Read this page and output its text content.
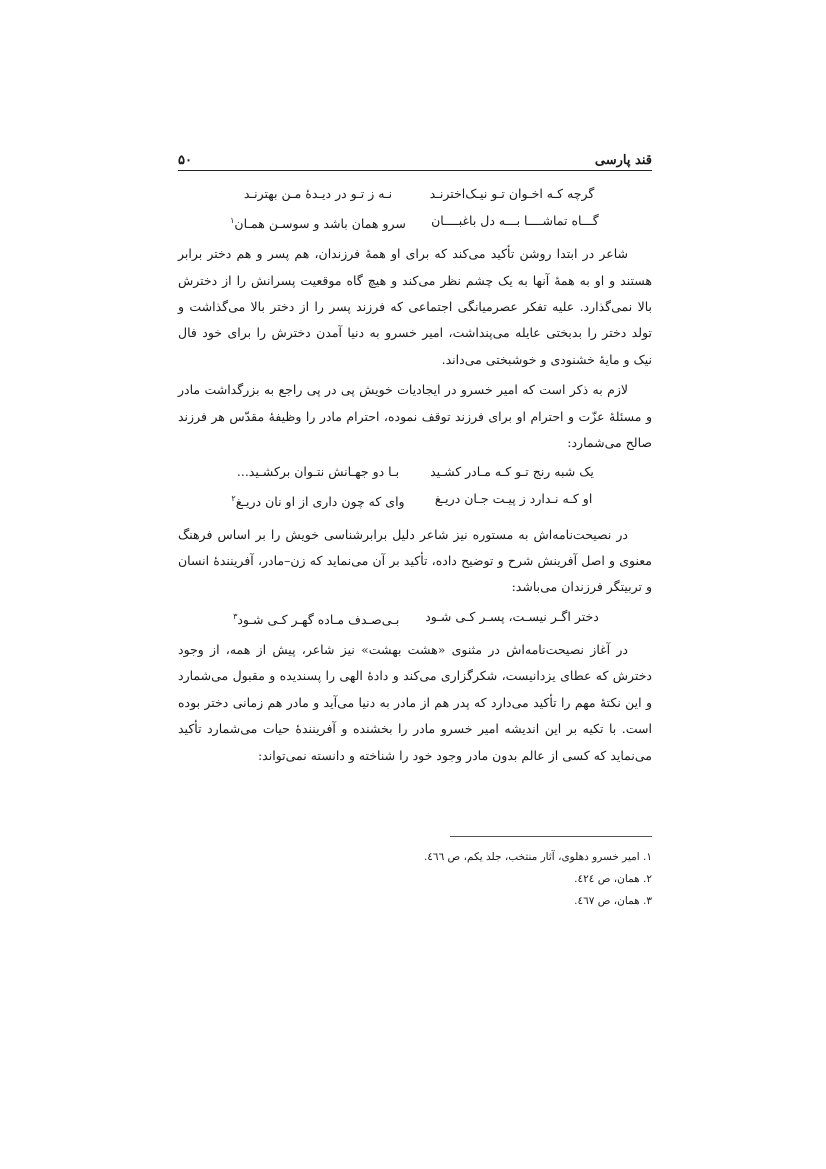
قند پارسی
۵۰
گرچه کـه اخـوان تـو نیـک‌اخترنـد
نـه ز تـو در دیـدۀ مـن بهترنـد
گـــاه تماشــــا بـــه دل باغبــــان
سرو همان باشد و سوسـن همـان$^۱$

شاعر در ابتدا روشن تأکید می‌کند که برای او همهٔ فرزندان، هم پسر و هم دختر برابر هستند و او به همهٔ آنها به یک چشم نظر می‌کند و هیچ گاه موقعیت پسرانش را از دخترش بالا نمی‌گذارد. علیه تفکر عصرمیانگی اجتماعی که فرزند پسر را از دختر بالا می‌گذاشت و تولد دختر را بدبختی عایله می‌پنداشت، امیر خسرو به دنیا آمدن دخترش را برای خود فال نیک و مایهٔ خشنودی و خوشبختی می‌داند.

لازم به ذکر است که امیر خسرو در ایجادیات خویش پی در پی راجع به بزرگداشت مادر و مسئلهٔ عزّت و احترام او برای فرزند توقف نموده، احترام مادر را وظیفهٔ مقدّس هر فرزند صالح می‌شمارد:

یک شبه رنج تـو کـه مـادر کشـید
بـا دو جهـانش نتـوان برکشـید...
او کـه نـدارد ز پیـت جـان دریـغ
وای که چون داری از او نان دریـغ$^۲$

در نصیحت‌نامه‌اش به مستوره نیز شاعر دلیل برابرشناسی خویش را بر اساس فرهنگ معنوی و اصل آفرینش شرح و توضیح داده، تأکید بر آن می‌نماید که زن–مادر، آفرینندهٔ انسان و تربیتگر فرزندان می‌باشد:

دختر اگـر نیسـت، پسـر کـی شـود
بـی‌صـدف مـاده گهـر کـی شـود$^۳$

در آغاز نصیحت‌نامه‌اش در مثنوی «هشت بهشت» نیز شاعر، پیش از همه، از وجود دخترش که عطای یزدانیست، شکرگزاری می‌کند و دادهٔ الهی را پسندیده و مقبول می‌شمارد و این نکتهٔ مهم را تأکید می‌دارد که پدر هم از مادر به دنیا می‌آید و مادر هم زمانی دختر بوده است. با تکیه بر این اندیشه امیر خسرو مادر را بخشنده و آفرینندهٔ حیات می‌شمارد تأکید می‌نماید که کسی از عالم بدون مادر وجود خود را شناخته و دانسته نمی‌تواند:

۱. امیر خسرو دهلوی، آثار منتخب، جلد یکم، ص ٤٦٦.
۲. همان، ص ٤٢٤.
۳. همان، ص ٤٦٧.
